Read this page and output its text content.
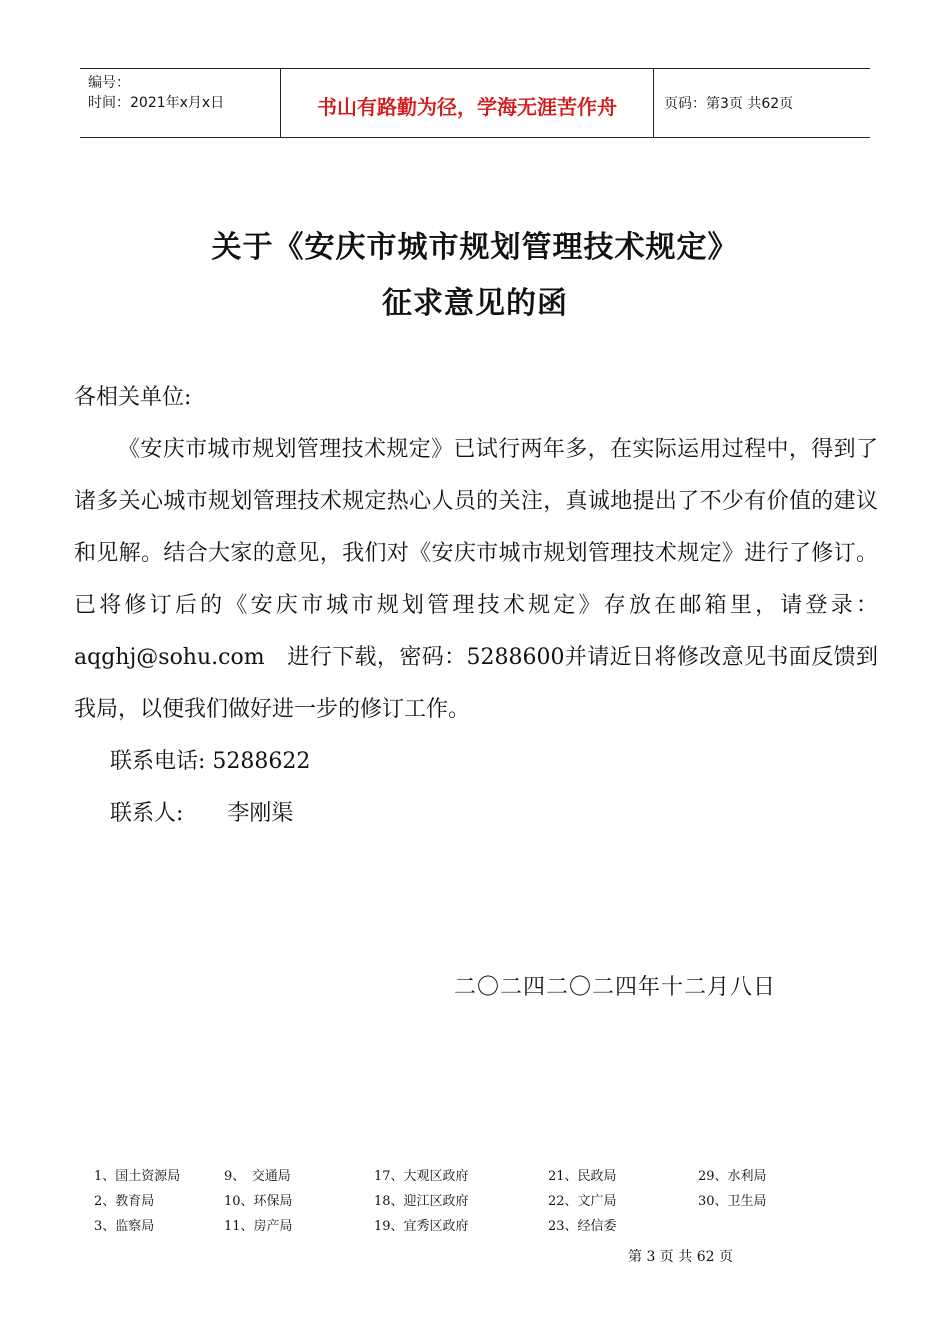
编号：
时间：2021年x月x日	书山有路勤为径，学海无涯苦作舟	页码：第3页 共62页
关于《安庆市城市规划管理技术规定》
征求意见的函

各相关单位:

《安庆市城市规划管理技术规定》已试行两年多，在实际运用过程中，得到了诸多关心城市规划管理技术规定热心人员的关注，真诚地提出了不少有价值的建议和见解。结合大家的意见，我们对《安庆市城市规划管理技术规定》进行了修订。已将修订后的《安庆市城市规划管理技术规定》存放在邮箱里，请登录：aqghj@sohu.com　进行下载，密码：5288600并请近日将修改意见书面反馈到我局，以便我们做好进一步的修订工作。

联系电话: 5288622

联系人: 李刚渠

二〇二四二〇二四年十二月八日
1、国土资源局	9、　交通局	17、大观区政府	21、民政局	29、水利局
2、教育局	10、环保局	18、迎江区政府	22、文广局	30、卫生局
3、监察局	11、房产局	19、宜秀区政府	23、经信委
第 3 页 共 62 页
